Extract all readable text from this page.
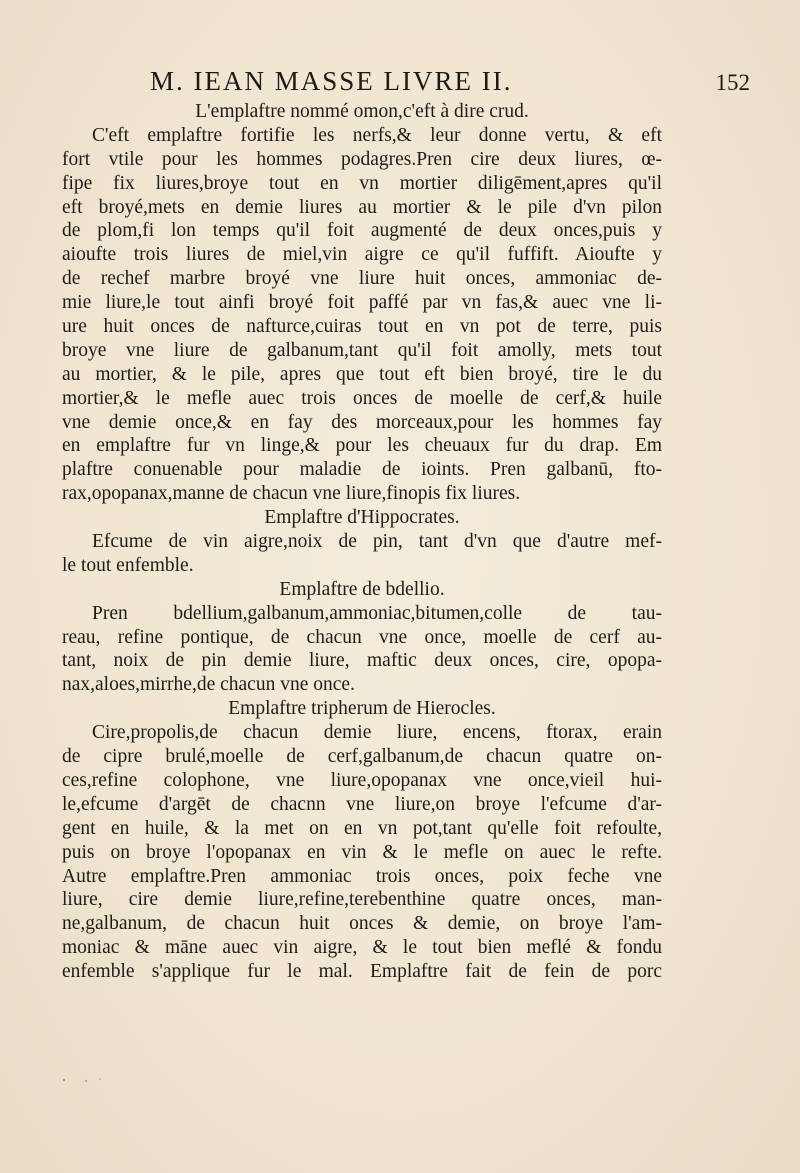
M. IEAN MASSE LIVRE II.	152
L'emplaftre nommé omon,c'eft à dire crud.
C'eft emplaftre fortifie les nerfs,& leur donne vertu, & eft
fort vtile pour les hommes podagres.Pren cire deux liures, œ-
fipe fix liures,broye tout en vn mortier diligēment,apres qu'il
eft broyé,mets en demie liures au mortier & le pile d'vn pilon
de plom,fi lon temps qu'il foit augmenté de deux onces,puis y
aioufte trois liures de miel,vin aigre ce qu'il fuffift. Aioufte y
de rechef marbre broyé vne liure huit onces, ammoniac de-
mie liure,le tout ainfi broyé foit paffé par vn fas,& auec vne li-
ure huit onces de nafturce,cuiras tout en vn pot de terre, puis
broye vne liure de galbanum,tant qu'il foit amolly, mets tout
au mortier, & le pile, apres que tout eft bien broyé, tire le du
mortier,& le mefle auec trois onces de moelle de cerf,& huile
vne demie once,& en fay des morceaux,pour les hommes fay
en emplaftre fur vn linge,& pour les cheuaux fur du drap. Em
plaftre conuenable pour maladie de ioints. Pren galbanū, fto-
rax,opopanax,manne de chacun vne liure,finopis fix liures.
Emplaftre d'Hippocrates.
Efcume de vin aigre,noix de pin, tant d'vn que d'autre mef-
le tout enfemble.
Emplaftre de bdellio.
Pren bdellium,galbanum,ammoniac,bitumen,colle de tau-
reau, refine pontique, de chacun vne once, moelle de cerf au-
tant, noix de pin demie liure, maftic deux onces, cire, opopa-
nax,aloes,mirrhe,de chacun vne once.
Emplaftre tripherum de Hierocles.
Cire,propolis,de chacun demie liure, encens, ftorax, erain
de cipre brulé,moelle de cerf,galbanum,de chacun quatre on-
ces,refine colophone, vne liure,opopanax vne once,vieil hui-
le,efcume d'argēt de chacnn vne liure,on broye l'efcume d'ar-
gent en huile, & la met on en vn pot,tant qu'elle foit refoulte,
puis on broye l'opopanax en vin & le mefle on auec le refte.
Autre emplaftre.Pren ammoniac trois onces, poix feche vne
liure, cire demie liure,refine,terebenthine quatre onces, man-
ne,galbanum, de chacun huit onces & demie, on broye l'am-
moniac & māne auec vin aigre, & le tout bien meflé & fondu
enfemble s'applique fur le mal. Emplaftre fait de fein de porc
